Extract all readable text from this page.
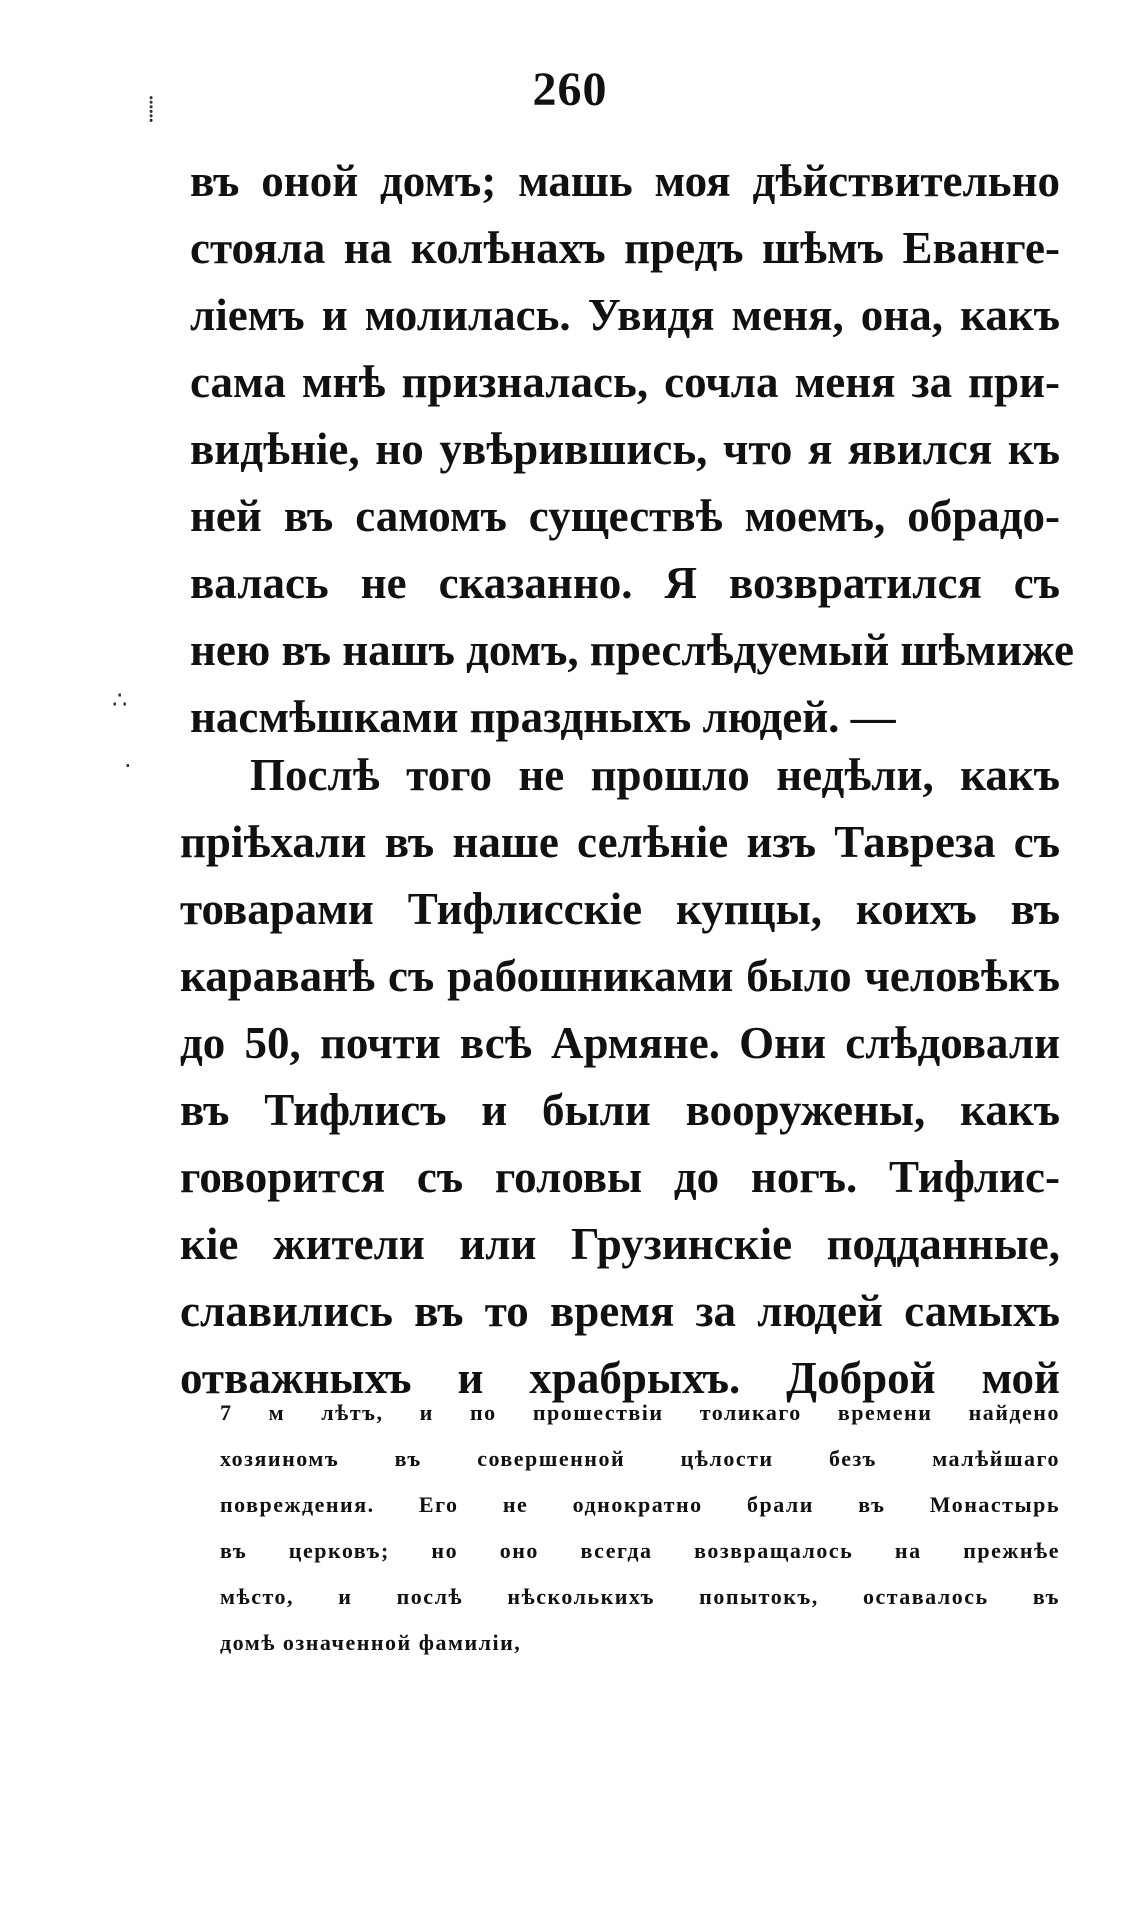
260
⸽
∴
·
въ оной домъ; машь моя дѣйствительно
стояла на колѣнахъ предъ шѣмъ Еванге-
ліемъ и молилась. Увидя меня, она, какъ
сама мнѣ призналась, сочла меня за при-
видѣніе, но увѣрившись, что я явился къ
ней въ самомъ существѣ моемъ, обрадо-
валась не сказанно. Я возвратился съ
нею въ нашъ домъ, преслѣдуемый шѣмиже
насмѣшками праздныхъ людей. —
Послѣ того не прошло недѣли, какъ
пріѣхали въ наше селѣніе изъ Тавреза съ
товарами Тифлисскіе купцы, коихъ въ
караванѣ съ рабошниками было человѣкъ
до 50, почти всѣ Армяне. Они слѣдовали
въ Тифлисъ и были вооружены, какъ
говорится съ головы до ногъ. Тифлис-
кіе жители или Грузинскіе подданные,
славились въ то время за людей самыхъ
отважныхъ и храбрыхъ. Доброй мой
7 м лѣтъ, и по прошествіи толикаго времени найдено
хозяиномъ въ совершенной цѣлости безъ малѣйшаго
повреждения. Его не однократно брали въ Монастырь
въ церковъ; но оно всегда возвращалось на прежнѣе
мѣсто, и послѣ нѣсколькихъ попытокъ, оставалось въ
домѣ означенной фамиліи,
